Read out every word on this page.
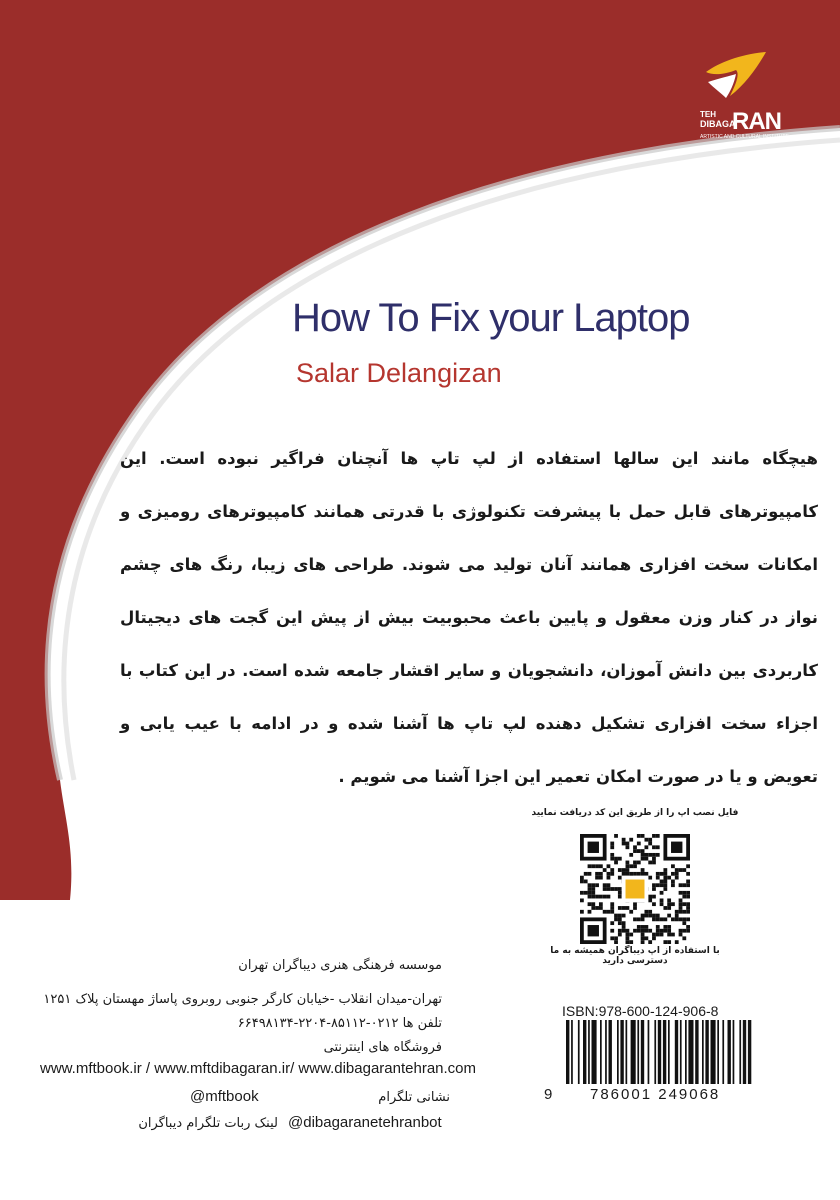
TEH
DIBAGA
RAN
ARTISTIC AND CULTURAL INSTITUTE
How To Fix your Laptop
Salar Delangizan

هیچگاه مانند این سالها استفاده از لپ تاپ ها آنچنان فراگیر نبوده است. این کامپیوترهای قابل حمل با پیشرفت تکنولوژی با قدرتی همانند کامپیوترهای رومیزی و امکانات سخت افزاری همانند آنان تولید می شوند. طراحی های زیبا، رنگ های چشم نواز در کنار وزن معقول و پایین باعث محبوبیت بیش از پیش این گجت های دیجیتال کاربردی بین دانش آموزان، دانشجویان و سایر اقشار جامعه شده است. در این کتاب با اجزاء سخت افزاری تشکیل دهنده لپ تاپ ها آشنا شده و در ادامه با عیب یابی و تعویض و یا در صورت امکان تعمیر این اجزا آشنا می شویم .

فایل نصب اپ را از طریق این کد دریافت نمایید
با استفاده از اپ دیباگران همیشه به ما دسترسی دارید
موسسه فرهنگی هنری دیباگران تهران
تهران-میدان انقلاب -خیابان کارگر جنوبی روبروی پاساژ مهستان پلاک ۱۲۵۱
تلفن ها ۰۲۱۲-۸۵۱۱۲-۲۲۰۴-۶۶۴۹۸۱۳۴
فروشگاه های اینترنتی
www.mftbook.ir / www.mftdibagaran.ir/ www.dibagarantehran.com
@mftbook	نشانی تلگرام
@dibagaranetehranbot
لینک ربات تلگرام دیباگران
ISBN:978-600-124-906-8
9	786001 249068
